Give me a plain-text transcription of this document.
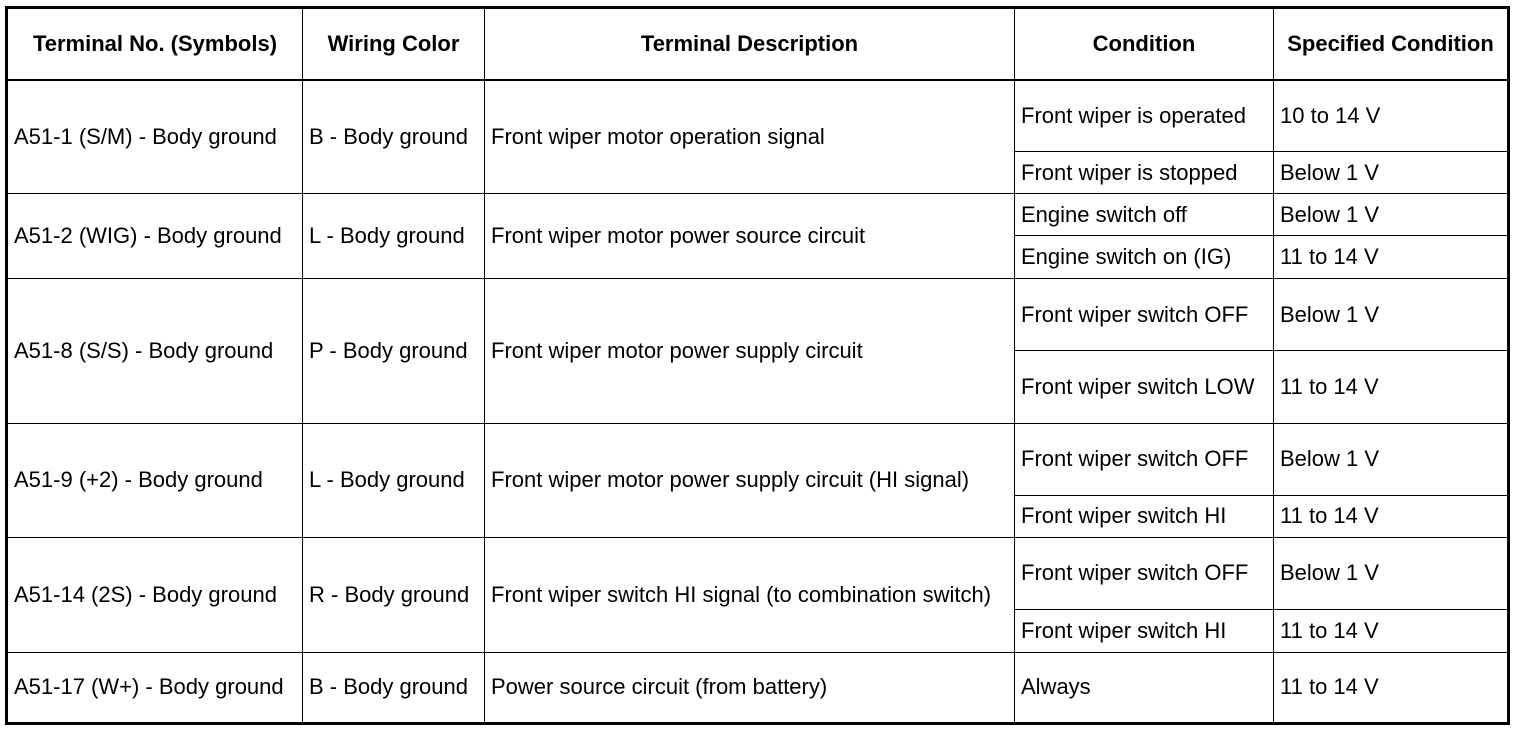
Terminal No. (Symbols)	Wiring Color	Terminal Description	Condition	Specified Condition
A51-1 (S/M) - Body ground	B - Body ground	Front wiper motor operation signal	Front wiper is operated	10 to 14 V
			Front wiper is stopped	Below 1 V
A51-2 (WIG) - Body ground	L - Body ground	Front wiper motor power source circuit	Engine switch off	Below 1 V
			Engine switch on (IG)	11 to 14 V
A51-8 (S/S) - Body ground	P - Body ground	Front wiper motor power supply circuit	Front wiper switch OFF	Below 1 V
			Front wiper switch LOW	11 to 14 V
A51-9 (+2) - Body ground	L - Body ground	Front wiper motor power supply circuit (HI signal)	Front wiper switch OFF	Below 1 V
			Front wiper switch HI	11 to 14 V
A51-14 (2S) - Body ground	R - Body ground	Front wiper switch HI signal (to combination switch)	Front wiper switch OFF	Below 1 V
			Front wiper switch HI	11 to 14 V
A51-17 (W+) - Body ground	B - Body ground	Power source circuit (from battery)	Always	11 to 14 V
